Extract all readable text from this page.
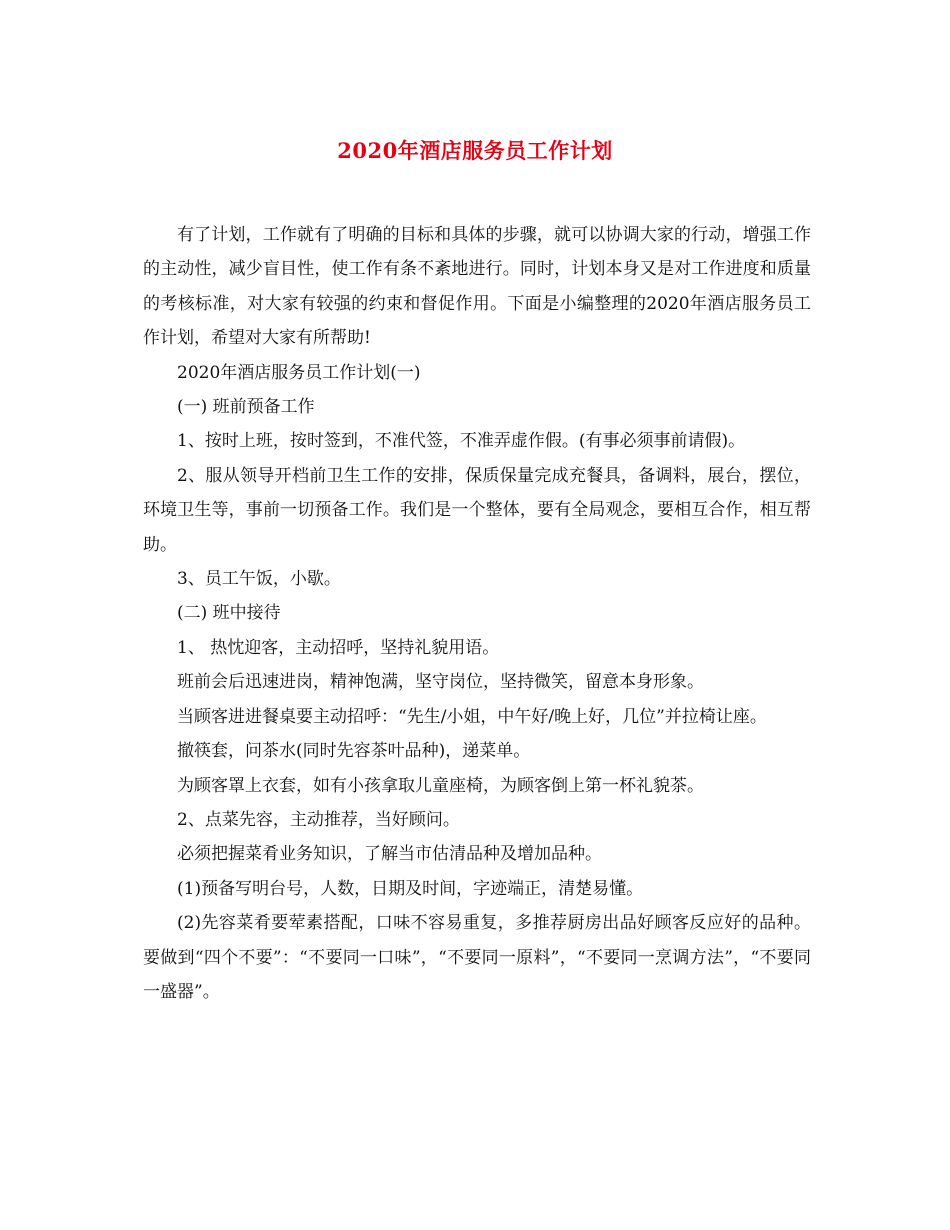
2020年酒店服务员工作计划

有了计划，工作就有了明确的目标和具体的步骤，就可以协调大家的行动，增强工作的主动性，减少盲目性，使工作有条不紊地进行。同时，计划本身又是对工作进度和质量的考核标准，对大家有较强的约束和督促作用。下面是小编整理的2020年酒店服务员工作计划，希望对大家有所帮助!

2020年酒店服务员工作计划(一)

(一) 班前预备工作

1、按时上班，按时签到，不准代签，不准弄虚作假。(有事必须事前请假)。

2、服从领导开档前卫生工作的安排，保质保量完成充餐具，备调料，展台，摆位，环境卫生等，事前一切预备工作。我们是一个整体，要有全局观念，要相互合作，相互帮助。

3、员工午饭，小歇。

(二) 班中接待

1、 热忱迎客，主动招呼，坚持礼貌用语。

班前会后迅速进岗，精神饱满，坚守岗位，坚持微笑，留意本身形象。

当顾客进进餐桌要主动招呼：“先生/小姐，中午好/晚上好，几位”并拉椅让座。

撤筷套，问茶水(同时先容茶叶品种)，递菜单。

为顾客罩上衣套，如有小孩拿取儿童座椅，为顾客倒上第一杯礼貌茶。

2、点菜先容，主动推荐，当好顾问。

必须把握菜肴业务知识，了解当市估清品种及增加品种。

(1)预备写明台号，人数，日期及时间，字迹端正，清楚易懂。

(2)先容菜肴要荤素搭配，口味不容易重复，多推荐厨房出品好顾客反应好的品种。要做到“四个不要”：“不要同一口味”，“不要同一原料”，“不要同一烹调方法”，“不要同一盛器”。
